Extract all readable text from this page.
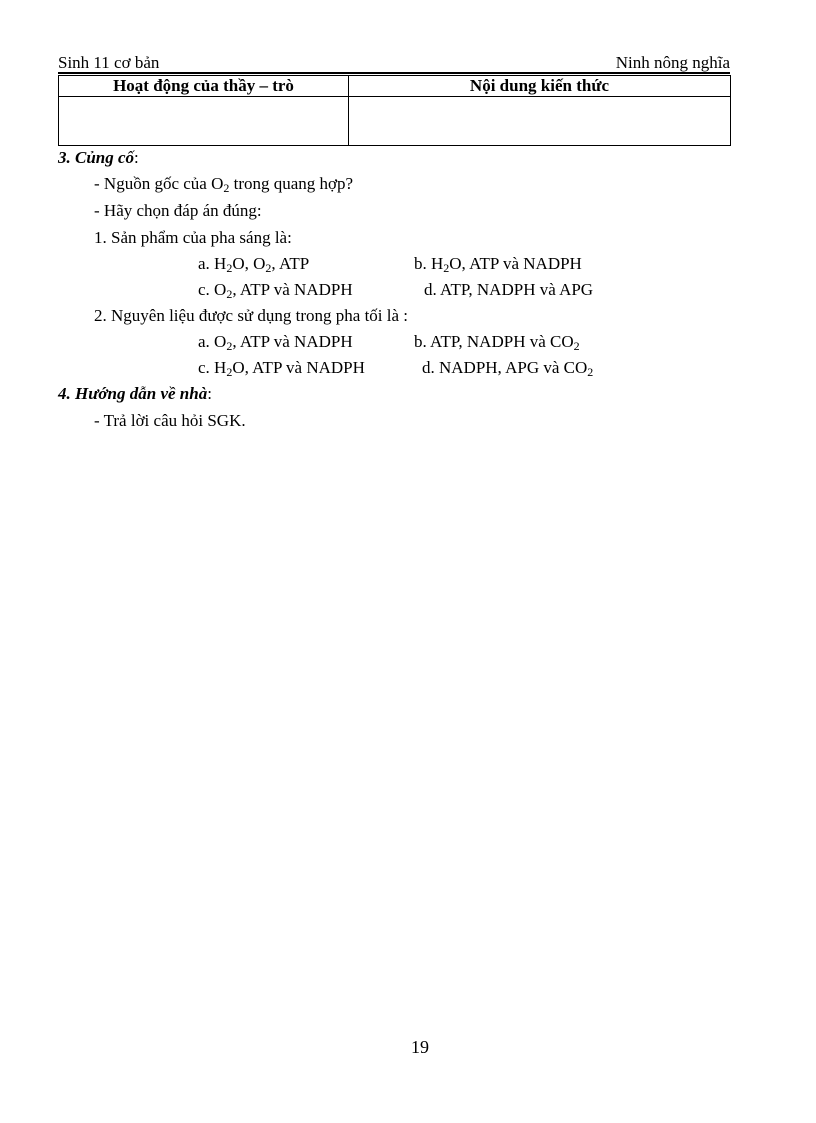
Sinh 11 cơ bản	Ninh nông nghĩa
Hoạt động của thầy – trò	Nội dung kiến thức

3. Củng cố:
- Nguồn gốc của $O_2$ trong quang hợp?
- Hãy chọn đáp án đúng:
1. Sản phẩm của pha sáng là:
a. $H_2O$, $O_2$, ATP	b. $H_2O$, ATP và NADPH
c. $O_2$, ATP và NADPH	d. ATP, NADPH và APG
2. Nguyên liệu được sử dụng trong pha tối là :
a. $O_2$, ATP và NADPH	b. ATP, NADPH và $CO_2$
c. $H_2O$, ATP và NADPH	d. NADPH, APG và $CO_2$
4. Hướng dẫn về nhà:
- Trả lời câu hỏi SGK.
19
